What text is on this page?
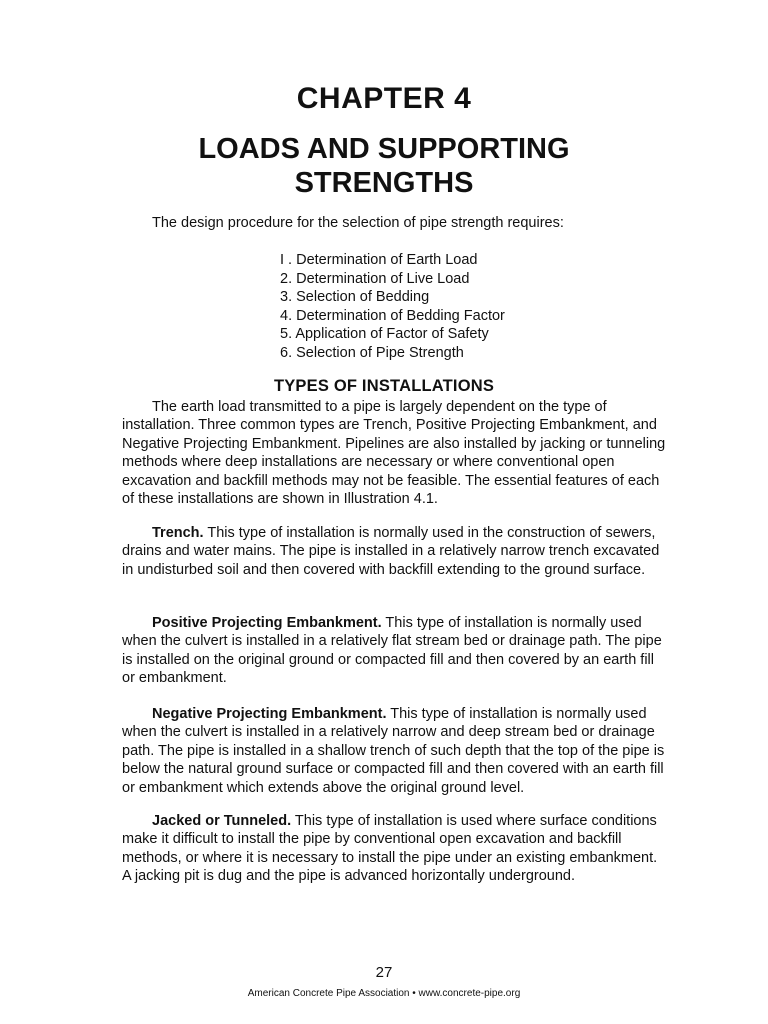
CHAPTER 4
LOADS AND SUPPORTING
STRENGTHS
The design procedure for the selection of pipe strength requires:
I . Determination of Earth Load
2. Determination of Live Load
3. Selection of Bedding
4. Determination of Bedding Factor
5. Application of Factor of Safety
6. Selection of Pipe Strength
TYPES OF INSTALLATIONS

The earth load transmitted to a pipe is largely dependent on the type of installation. Three common types are Trench, Positive Projecting Embankment, and Negative Projecting Embankment. Pipelines are also installed by jacking or tunneling methods where deep installations are necessary or where conventional open excavation and backfill methods may not be feasible. The essential features of each of these installations are shown in Illustration 4.1.

Trench. This type of installation is normally used in the construction of sewers, drains and water mains. The pipe is installed in a relatively narrow trench excavated in undisturbed soil and then covered with backfill extending to the ground surface.

Positive Projecting Embankment. This type of installation is normally used when the culvert is installed in a relatively flat stream bed or drainage path. The pipe is installed on the original ground or compacted fill and then covered by an earth fill or embankment.

Negative Projecting Embankment. This type of installation is normally used when the culvert is installed in a relatively narrow and deep stream bed or drainage path. The pipe is installed in a shallow trench of such depth that the top of the pipe is below the natural ground surface or compacted fill and then covered with an earth fill or embankment which extends above the original ground level.

Jacked or Tunneled. This type of installation is used where surface conditions make it difficult to install the pipe by conventional open excavation and backfill methods, or where it is necessary to install the pipe under an existing embankment. A jacking pit is dug and the pipe is advanced horizontally underground.

27
American Concrete Pipe Association • www.concrete-pipe.org
